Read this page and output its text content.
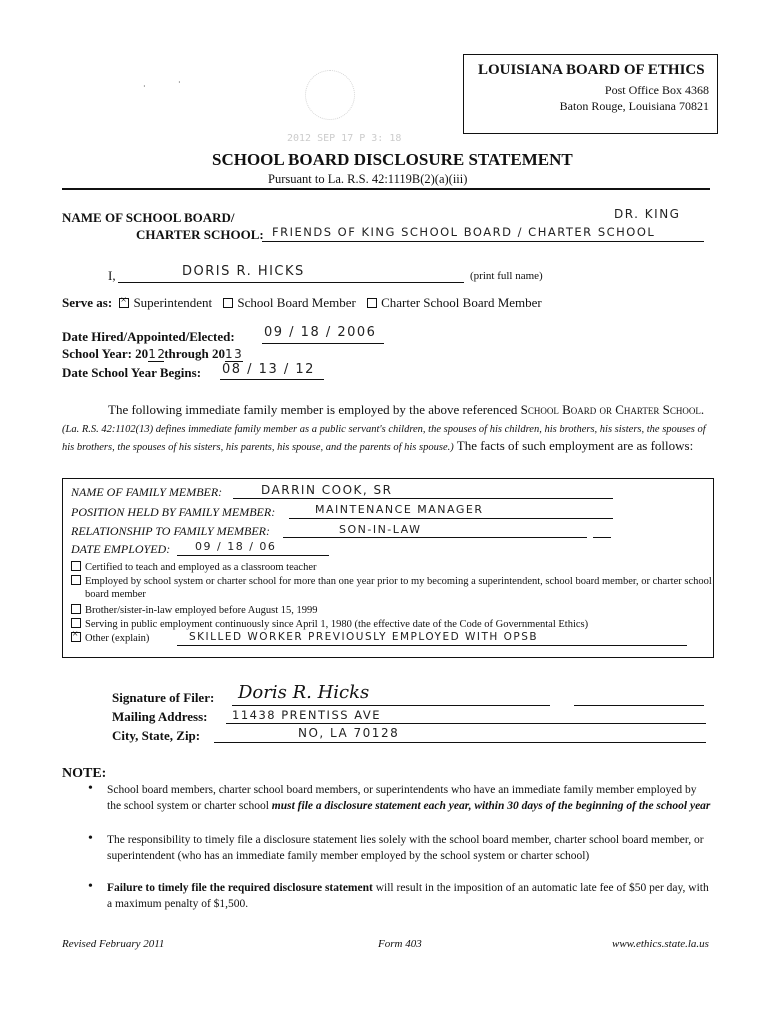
LOUISIANA BOARD OF ETHICS
Post Office Box 4368
Baton Rouge, Louisiana 70821
2012 SEP 17 P 3: 18
·	·
SCHOOL BOARD DISCLOSURE STATEMENT
Pursuant to La. R.S. 42:1119B(2)(a)(iii)
NAME OF SCHOOL BOARD/
CHARTER SCHOOL:
DR. KING
FRIENDS OF KING SCHOOL BOARD / CHARTER SCHOOL
I,	DORIS R. HICKS	(print full name)
Serve as: × Superintendent School Board Member Charter School Board Member
Date Hired/Appointed/Elected: 09 / 18 / 2006
School Year: 2012through 2013
Date School Year Begins: 08 / 13 / 12
The following immediate family member is employed by the above referenced School Board or Charter School. (La. R.S. 42:1102(13) defines immediate family member as a public servant's children, the spouses of his children, his brothers, his sisters, the spouses of his brothers, the spouses of his sisters, his parents, his spouse, and the parents of his spouse.) The facts of such employment are as follows:
NAME OF FAMILY MEMBER:	DARRIN COOK, SR
POSITION HELD BY FAMILY MEMBER:	MAINTENANCE MANAGER
RELATIONSHIP TO FAMILY MEMBER:	SON-IN-LAW
DATE EMPLOYED: 09 / 18 / 06
Certified to teach and employed as a classroom teacher
Employed by school system or charter school for more than one year prior to my becoming a superintendent, school board member, or charter school board member
Brother/sister-in-law employed before August 15, 1999
Serving in public employment continuously since April 1, 1980 (the effective date of the Code of Governmental Ethics)
×Other (explain)	SKILLED WORKER PREVIOUSLY EMPLOYED WITH OPSB
Signature of Filer: Doris R. Hicks
Mailing Address: 11438 PRENTISS AVE
City, State, Zip:	NO, LA 70128
NOTE:
• School board members, charter school board members, or superintendents who have an immediate family member employed by the school system or charter school must file a disclosure statement each year, within 30 days of the beginning of the school year
• The responsibility to timely file a disclosure statement lies solely with the school board member, charter school board member, or superintendent (who has an immediate family member employed by the school system or charter school)
• Failure to timely file the required disclosure statement will result in the imposition of an automatic late fee of $50 per day, with a maximum penalty of $1,500.
Revised February 2011	Form 403	www.ethics.state.la.us
